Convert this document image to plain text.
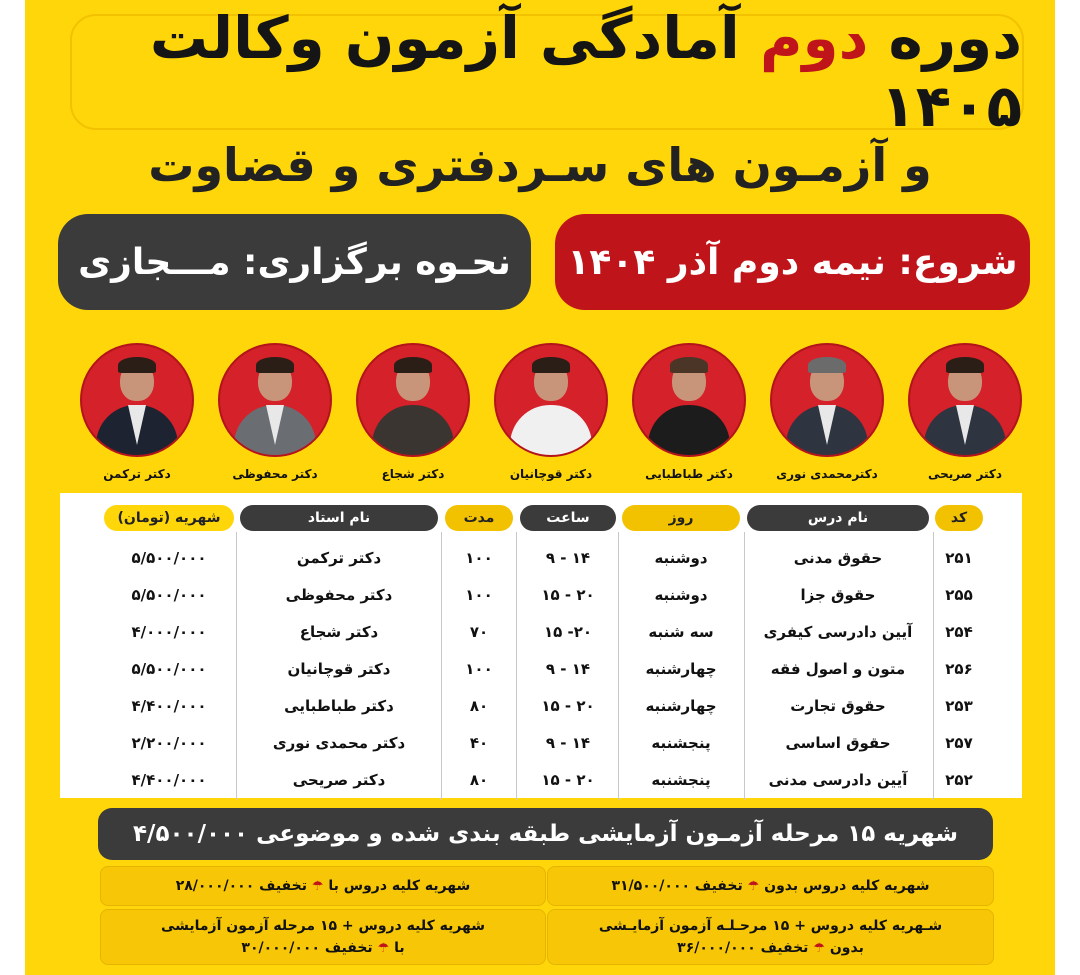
دوره دوم آمادگی آزمون وکالت ۱۴۰۵
و آزمـون های سـردفتری و قضاوت
شروع: نیمه دوم آذر ۱۴۰۴
نحـوه برگزاری: مـــجازی
دکتر صریحی
دکترمحمدی نوری
دکتر طباطبایی
دکتر قوچانیان
دکتر شجاع
دکتر محفوظی
دکتر ترکمن
کد
نام درس
روز
ساعت
مدت
نام استاد
شهریه (تومان)
۲۵۱
۲۵۵
۲۵۴
۲۵۶
۲۵۳
۲۵۷
۲۵۲
حقوق مدنی
حقوق جزا
آیین دادرسی کیفری
متون و اصول فقه
حقوق تجارت
حقوق اساسی
آیین دادرسی مدنی
دوشنبه
دوشنبه
سه شنبه
چهارشنبه
چهارشنبه
پنجشنبه
پنجشنبه
۱۴ - ۹
۲۰ - ۱۵
۲۰- ۱۵
۱۴ - ۹
۲۰ - ۱۵
۱۴ - ۹
۲۰ - ۱۵
۱۰۰
۱۰۰
۷۰
۱۰۰
۸۰
۴۰
۸۰
دکتر ترکمن
دکتر محفوظی
دکتر شجاع
دکتر قوچانیان
دکتر طباطبایی
دکتر محمدی نوری
دکتر صریحی
۵/۵۰۰/۰۰۰
۵/۵۰۰/۰۰۰
۴/۰۰۰/۰۰۰
۵/۵۰۰/۰۰۰
۴/۴۰۰/۰۰۰
۲/۲۰۰/۰۰۰
۴/۴۰۰/۰۰۰
شهریه ۱۵ مرحله آزمـون آزمایشی طبقه بندی شده و موضوعی ۴/۵۰۰/۰۰۰
شهریه کلیه دروس بدون ☂ تخفیف ۳۱/۵۰۰/۰۰۰
شهریه کلیه دروس با ☂ تخفیف ۲۸/۰۰۰/۰۰۰
شـهریه کلیه دروس + ۱۵ مرحـلـه آزمون آزمایـشی
بدون ☂ تخفیف ۳۶/۰۰۰/۰۰۰
شهریه کلیه دروس + ۱۵ مرحله آزمون آزمایشی
با ☂ تخفیف ۳۰/۰۰۰/۰۰۰
